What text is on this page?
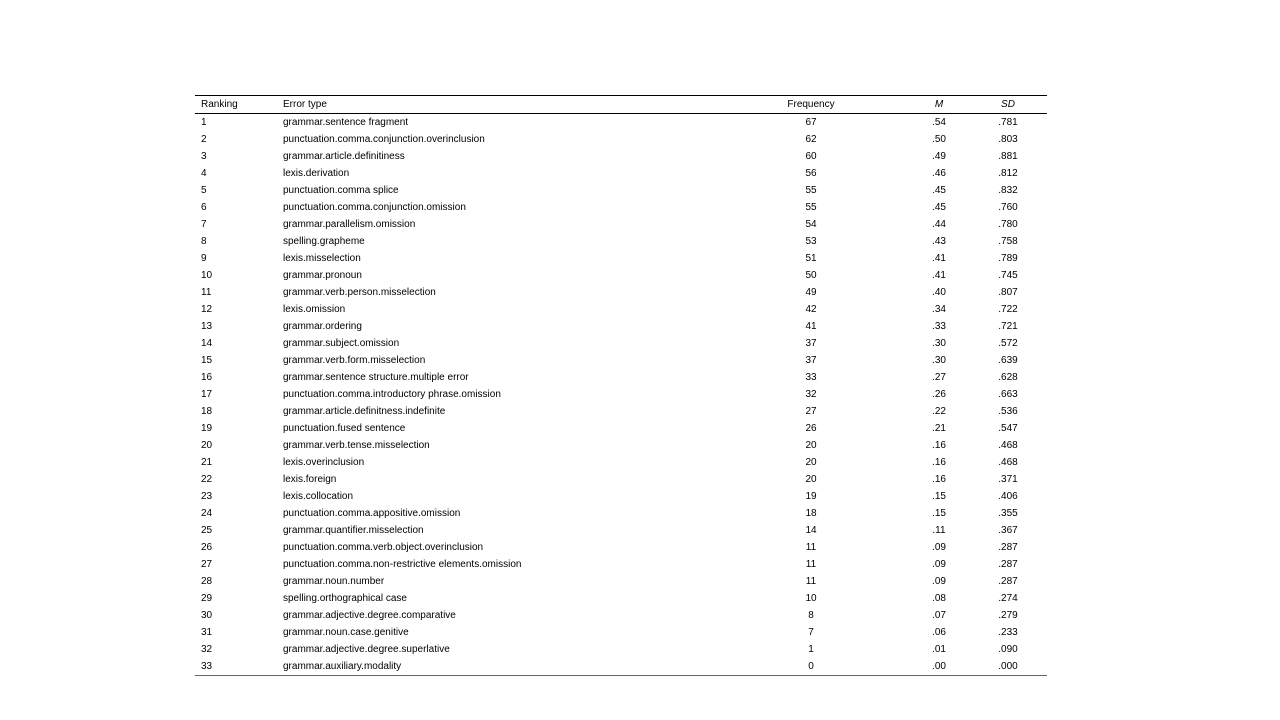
Ranking	Error type	Frequency	M	SD
1	grammar.sentence fragment	67	.54	.781
2	punctuation.comma.conjunction.overinclusion	62	.50	.803
3	grammar.article.definitiness	60	.49	.881
4	lexis.derivation	56	.46	.812
5	punctuation.comma splice	55	.45	.832
6	punctuation.comma.conjunction.omission	55	.45	.760
7	grammar.parallelism.omission	54	.44	.780
8	spelling.grapheme	53	.43	.758
9	lexis.misselection	51	.41	.789
10	grammar.pronoun	50	.41	.745
11	grammar.verb.person.misselection	49	.40	.807
12	lexis.omission	42	.34	.722
13	grammar.ordering	41	.33	.721
14	grammar.subject.omission	37	.30	.572
15	grammar.verb.form.misselection	37	.30	.639
16	grammar.sentence structure.multiple error	33	.27	.628
17	punctuation.comma.introductory phrase.omission	32	.26	.663
18	grammar.article.definitness.indefinite	27	.22	.536
19	punctuation.fused sentence	26	.21	.547
20	grammar.verb.tense.misselection	20	.16	.468
21	lexis.overinclusion	20	.16	.468
22	lexis.foreign	20	.16	.371
23	lexis.collocation	19	.15	.406
24	punctuation.comma.appositive.omission	18	.15	.355
25	grammar.quantifier.misselection	14	.11	.367
26	punctuation.comma.verb.object.overinclusion	11	.09	.287
27	punctuation.comma.non-restrictive elements.omission	11	.09	.287
28	grammar.noun.number	11	.09	.287
29	spelling.orthographical case	10	.08	.274
30	grammar.adjective.degree.comparative	8	.07	.279
31	grammar.noun.case.genitive	7	.06	.233
32	grammar.adjective.degree.superlative	1	.01	.090
33	grammar.auxiliary.modality	0	.00	.000
